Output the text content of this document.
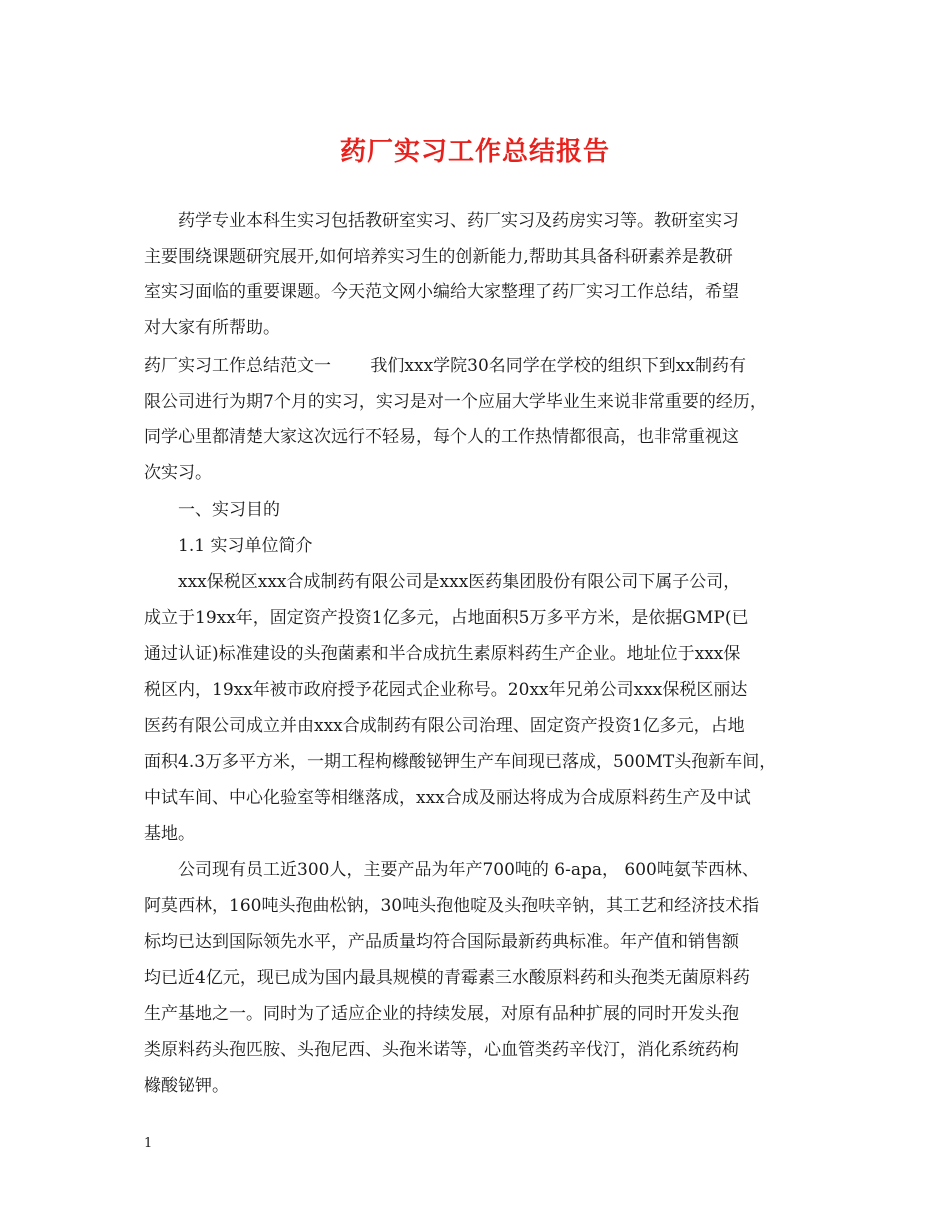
药厂实习工作总结报告
药学专业本科生实习包括教研室实习、药厂实习及药房实习等。教研室实习
主要围绕课题研究展开,如何培养实习生的创新能力,帮助其具备科研素养是教研
室实习面临的重要课题。今天范文网小编给大家整理了药厂实习工作总结，希望
对大家有所帮助。
药厂实习工作总结范文一　　 我们xxx学院30名同学在学校的组织下到xx制药有
限公司进行为期7个月的实习，实习是对一个应届大学毕业生来说非常重要的经历，
同学心里都清楚大家这次远行不轻易，每个人的工作热情都很高，也非常重视这
次实习。
一、实习目的
1.1 实习单位简介
xxx保税区xxx合成制药有限公司是xxx医药集团股份有限公司下属子公司，
成立于19xx年，固定资产投资1亿多元，占地面积5万多平方米，是依据GMP(已
通过认证)标准建设的头孢菌素和半合成抗生素原料药生产企业。地址位于xxx保
税区内，19xx年被市政府授予花园式企业称号。20xx年兄弟公司xxx保税区丽达
医药有限公司成立并由xxx合成制药有限公司治理、固定资产投资1亿多元，占地
面积4.3万多平方米，一期工程枸橼酸铋钾生产车间现已落成，500MT头孢新车间，
中试车间、中心化验室等相继落成，xxx合成及丽达将成为合成原料药生产及中试
基地。
公司现有员工近300人，主要产品为年产700吨的 6-apa， 600吨氨苄西林、
阿莫西林，160吨头孢曲松钠，30吨头孢他啶及头孢呋辛钠，其工艺和经济技术指
标均已达到国际领先水平，产品质量均符合国际最新药典标准。年产值和销售额
均已近4亿元，现已成为国内最具规模的青霉素三水酸原料药和头孢类无菌原料药
生产基地之一。同时为了适应企业的持续发展，对原有品种扩展的同时开发头孢
类原料药头孢匹胺、头孢尼西、头孢米诺等，心血管类药辛伐汀，消化系统药枸
橼酸铋钾。
1
